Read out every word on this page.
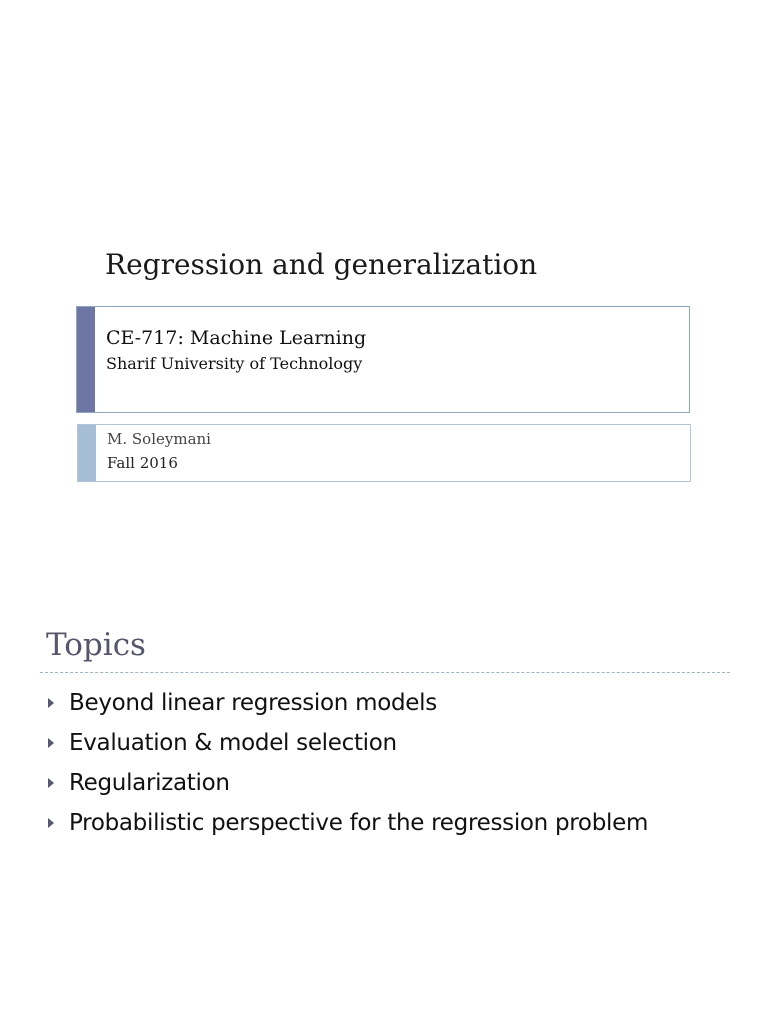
Regression and generalization
CE-717: Machine Learning
Sharif University of Technology
M. Soleymani
Fall 2016
Topics
Beyond linear regression models
Evaluation & model selection
Regularization
Probabilistic perspective for the regression problem
